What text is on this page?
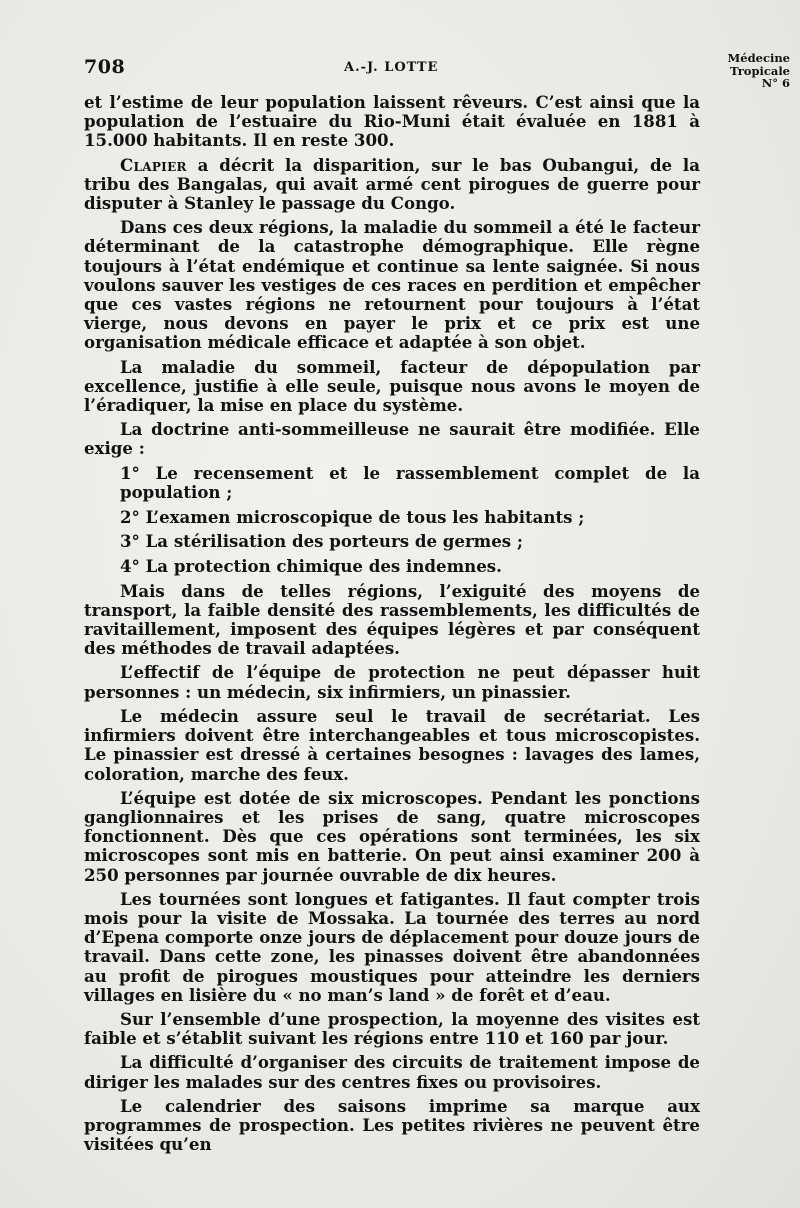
708	A.-J. LOTTE
Médecine
Tropicale
N° 6

et l’estime de leur population laissent rêveurs. C’est ainsi que la population de l’estuaire du Rio-Muni était évaluée en 1881 à 15.000 habitants. Il en reste 300.

Clapier a décrit la disparition, sur le bas Oubangui, de la tribu des Bangalas, qui avait armé cent pirogues de guerre pour disputer à Stanley le passage du Congo.

Dans ces deux régions, la maladie du sommeil a été le facteur déterminant de la catastrophe démographique. Elle règne toujours à l’état endémique et continue sa lente saignée. Si nous voulons sauver les vestiges de ces races en perdition et empêcher que ces vastes régions ne retournent pour toujours à l’état vierge, nous devons en payer le prix et ce prix est une organisation médicale efficace et adaptée à son objet.

La maladie du sommeil, facteur de dépopulation par excellence, justifie à elle seule, puisque nous avons le moyen de l’éradiquer, la mise en place du système.

La doctrine anti-sommeilleuse ne saurait être modifiée. Elle exige :

1° Le recensement et le rassemblement complet de la population ;

2° L’examen microscopique de tous les habitants ;

3° La stérilisation des porteurs de germes ;

4° La protection chimique des indemnes.

Mais dans de telles régions, l’exiguité des moyens de transport, la faible densité des rassemblements, les difficultés de ravitaillement, imposent des équipes légères et par conséquent des méthodes de travail adaptées.

L’effectif de l’équipe de protection ne peut dépasser huit personnes : un médecin, six infirmiers, un pinassier.

Le médecin assure seul le travail de secrétariat. Les infirmiers doivent être interchangeables et tous microscopistes. Le pinassier est dressé à certaines besognes : lavages des lames, coloration, marche des feux.

L’équipe est dotée de six microscopes. Pendant les ponctions ganglionnaires et les prises de sang, quatre microscopes fonctionnent. Dès que ces opérations sont terminées, les six microscopes sont mis en batterie. On peut ainsi examiner 200 à 250 personnes par journée ouvrable de dix heures.

Les tournées sont longues et fatigantes. Il faut compter trois mois pour la visite de Mossaka. La tournée des terres au nord d’Epena comporte onze jours de déplacement pour douze jours de travail. Dans cette zone, les pinasses doivent être abandonnées au profit de pirogues moustiques pour atteindre les derniers villages en lisière du « no man’s land » de forêt et d’eau.

Sur l’ensemble d’une prospection, la moyenne des visites est faible et s’établit suivant les régions entre 110 et 160 par jour.

La difficulté d’organiser des circuits de traitement impose de diriger les malades sur des centres fixes ou provisoires.

Le calendrier des saisons imprime sa marque aux programmes de prospection. Les petites rivières ne peuvent être visitées qu’en
